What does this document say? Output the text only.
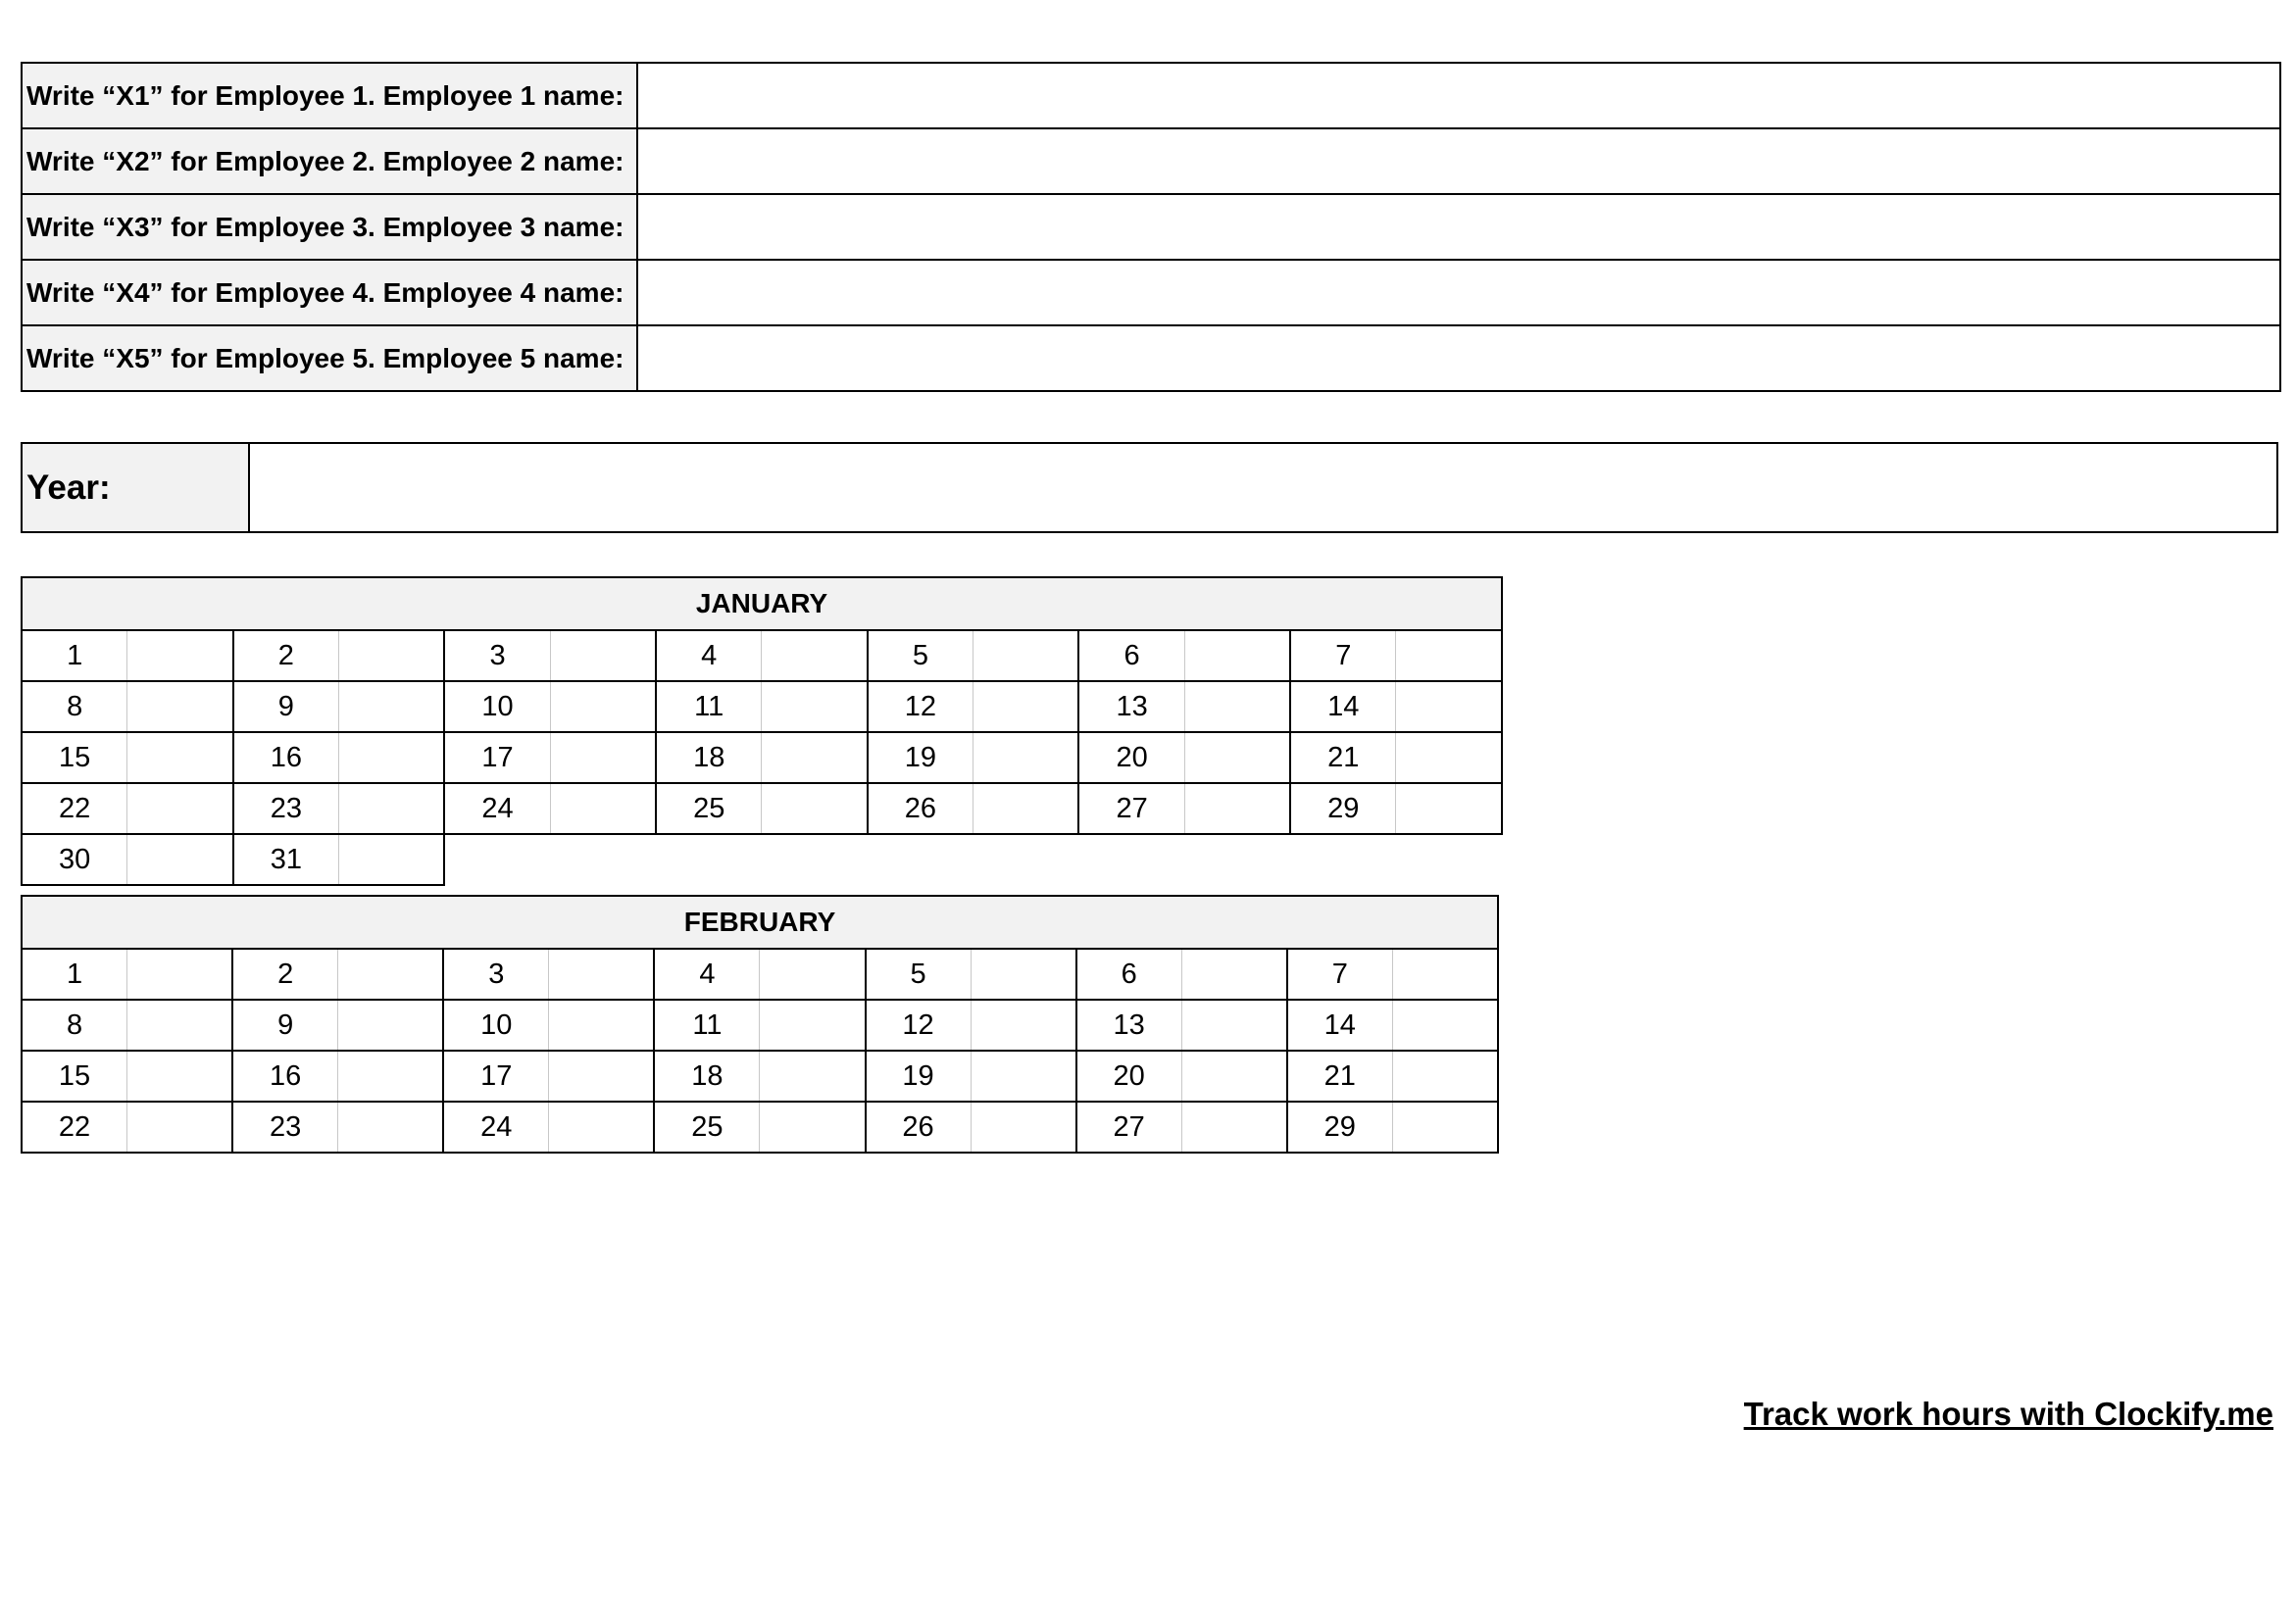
Write “X1” for Employee 1. Employee 1 name:	
Write “X2” for Employee 2. Employee 2 name:	
Write “X3” for Employee 3. Employee 3 name:	
Write “X4” for Employee 4. Employee 4 name:	
Write “X5” for Employee 5. Employee 5 name:	
Year:	
JANUARY													
1		2		3		4		5		6		7	
8		9		10		11		12		13		14	
15		16		17		18		19		20		21	
22		23		24		25		26		27		29	
30		31											
FEBRUARY													
1		2		3		4		5		6		7	
8		9		10		11		12		13		14	
15		16		17		18		19		20		21	
22		23		24		25		26		27		29	
Track work hours with Clockify.me
